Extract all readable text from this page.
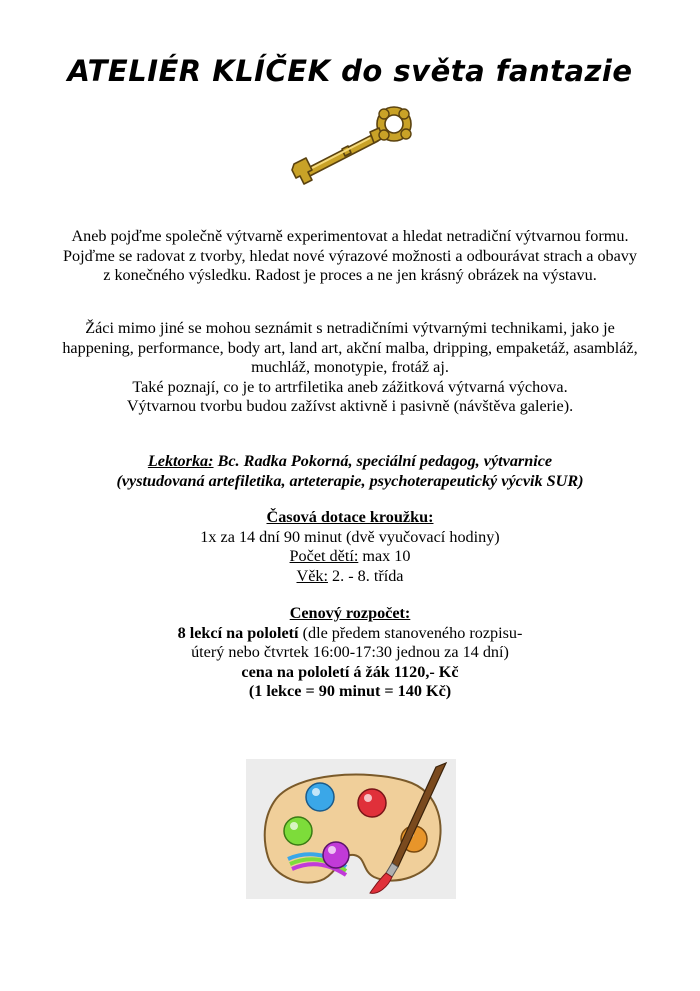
ATELIÉR KLÍČEK do světa fantazie
Aneb pojďme společně výtvarně experimentovat a hledat netradiční výtvarnou formu.
Pojďme se radovat z tvorby, hledat nové výrazové možnosti a odbourávat strach a obavy
z konečného výsledku. Radost je proces a ne jen krásný obrázek na výstavu.
Žáci mimo jiné se mohou seznámit s netradičními výtvarnými technikami, jako je
happening, performance, body art, land art, akční malba, dripping, empaketáž, asambláž,
muchláž, monotypie, frotáž aj.
Také poznají, co je to artrfiletika aneb zážitková výtvarná výchova.
Výtvarnou tvorbu budou zažívst aktivně i pasivně (návštěva galerie).
Lektorka: Bc. Radka Pokorná, speciální pedagog, výtvarnice
(vystudovaná artefiletika, arteterapie, psychoterapeutický výcvik SUR)
Časová dotace kroužku:
1x za 14 dní 90 minut (dvě vyučovací hodiny)
Počet dětí: max 10
Věk: 2. - 8. třída
Cenový rozpočet:
8 lekcí na pololetí (dle předem stanoveného rozpisu-
úterý nebo čtvrtek 16:00-17:30 jednou za 14 dní)
cena na pololetí á žák 1120,- Kč
(1 lekce = 90 minut = 140 Kč)
